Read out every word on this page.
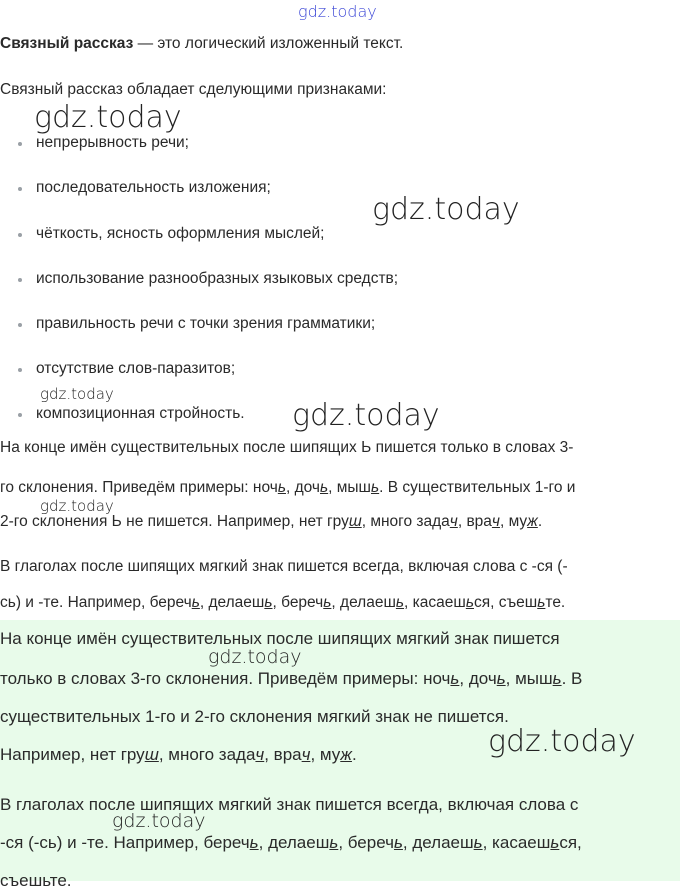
gdz.today
Связный рассказ — это логический изложенный текст.
Связный рассказ обладает сделующими признаками:
непрерывность речи;
последовательность изложения;
чёткость, ясность оформления мыслей;
использование разнообразных языковых средств;
правильность речи с точки зрения грамматики;
отсутствие слов-паразитов;
композиционная стройность.
На конце имён существительных после шипящих Ь пишется только в словах 3-
го склонения. Приведём примеры: ночь, дочь, мышь. В существительных 1-го и
2-го склонения Ь не пишется. Например, нет груш, много задач, врач, муж.
В глаголах после шипящих мягкий знак пишется всегда, включая слова с -ся (-
сь) и -те. Например, беречь, делаешь, беречь, делаешь, касаешься, съешьте.
На конце имён существительных после шипящих мягкий знак пишется
только в словах 3-го склонения. Приведём примеры: ночь, дочь, мышь. В
существительных 1-го и 2-го склонения мягкий знак не пишется.
Например, нет груш, много задач, врач, муж.
В глаголах после шипящих мягкий знак пишется всегда, включая слова с
-ся (-сь) и -те. Например, беречь, делаешь, беречь, делаешь, касаешься,
съешьте.
gdz.today
gdz.today
gdz.today
gdz.today
gdz.today
gdz.today
gdz.today
gdz.today
